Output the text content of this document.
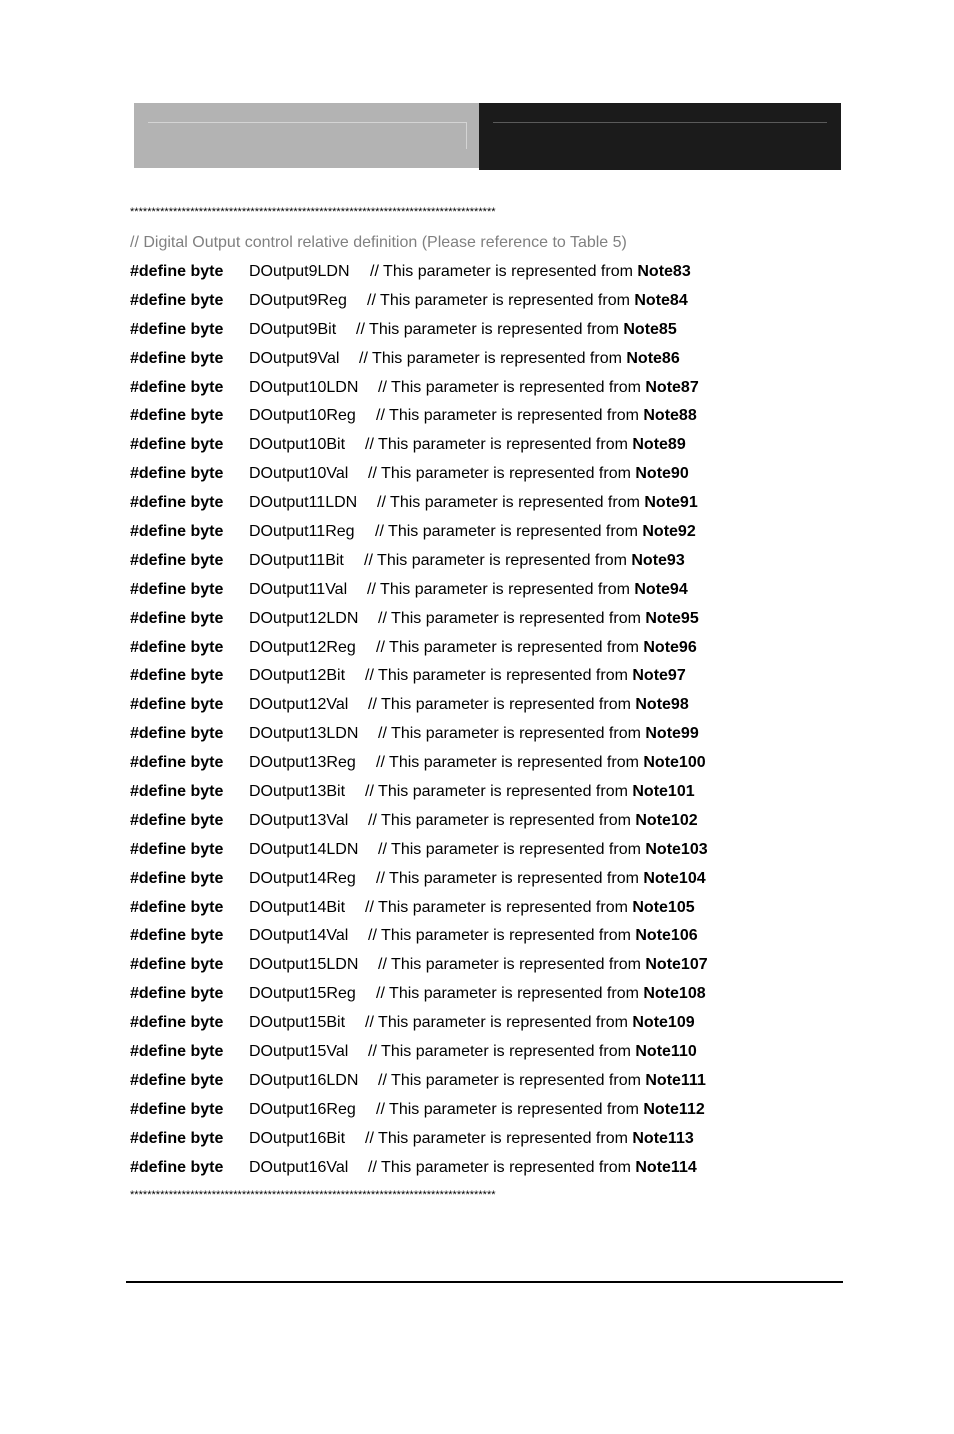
*************************************************************************************
// Digital Output control relative definition (Please reference to Table 5)
#define byte DOutput9LDN // This parameter is represented from Note83
#define byte DOutput9Reg // This parameter is represented from Note84
#define byte DOutput9Bit // This parameter is represented from Note85
#define byte DOutput9Val // This parameter is represented from Note86
#define byte DOutput10LDN // This parameter is represented from Note87
#define byte DOutput10Reg // This parameter is represented from Note88
#define byte DOutput10Bit // This parameter is represented from Note89
#define byte DOutput10Val // This parameter is represented from Note90
#define byte DOutput11LDN // This parameter is represented from Note91
#define byte DOutput11Reg // This parameter is represented from Note92
#define byte DOutput11Bit // This parameter is represented from Note93
#define byte DOutput11Val // This parameter is represented from Note94
#define byte DOutput12LDN // This parameter is represented from Note95
#define byte DOutput12Reg // This parameter is represented from Note96
#define byte DOutput12Bit // This parameter is represented from Note97
#define byte DOutput12Val // This parameter is represented from Note98
#define byte DOutput13LDN // This parameter is represented from Note99
#define byte DOutput13Reg // This parameter is represented from Note100
#define byte DOutput13Bit // This parameter is represented from Note101
#define byte DOutput13Val // This parameter is represented from Note102
#define byte DOutput14LDN // This parameter is represented from Note103
#define byte DOutput14Reg // This parameter is represented from Note104
#define byte DOutput14Bit // This parameter is represented from Note105
#define byte DOutput14Val // This parameter is represented from Note106
#define byte DOutput15LDN // This parameter is represented from Note107
#define byte DOutput15Reg // This parameter is represented from Note108
#define byte DOutput15Bit // This parameter is represented from Note109
#define byte DOutput15Val // This parameter is represented from Note110
#define byte DOutput16LDN // This parameter is represented from Note111
#define byte DOutput16Reg // This parameter is represented from Note112
#define byte DOutput16Bit // This parameter is represented from Note113
#define byte DOutput16Val // This parameter is represented from Note114
*************************************************************************************
